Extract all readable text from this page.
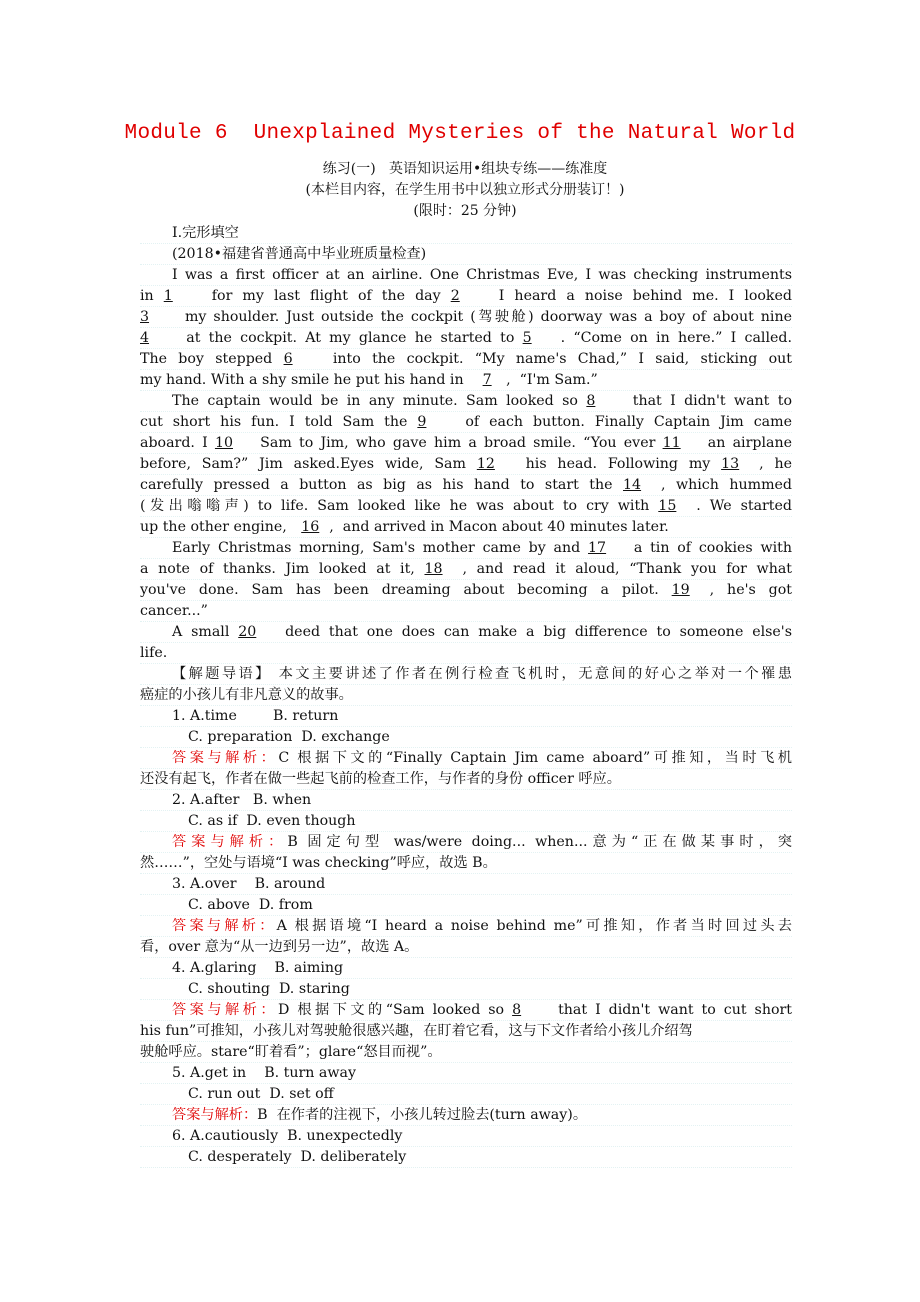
Module 6  Unexplained Mysteries of the Natural World
练习(一)   英语知识运用•组块专练——练准度
(本栏目内容，在学生用书中以独立形式分册装订！)
(限时：25 分钟)
Ⅰ.完形填空
(2018•福建省普通高中毕业班质量检查)
I was a first officer at an airline. One Christmas Eve, I was checking instruments
in 1 for my last flight of the day 2 I heard a noise behind me. I looked
3 my shoulder. Just outside the cockpit (驾驶舱) doorway was a boy of about nine
4 at the cockpit. At my glance he started to 5 . “Come on in here.” I called.
The boy stepped 6 into the cockpit. “My name's Chad,” I said, sticking out
my hand. With a shy smile he put his hand in 7 ,  “I'm Sam.”
The captain would be in any minute. Sam looked so 8 that I didn't want to
cut short his fun. I told Sam the 9 of each button. Finally Captain Jim came
aboard. I 10 Sam to Jim, who gave him a broad smile. “You ever 11 an airplane
before, Sam?” Jim asked.Eyes wide, Sam 12 his head. Following my 13 , he
carefully pressed a button as big as his hand to start the 14 , which hummed
(发出嗡嗡声) to life. Sam looked like he was about to cry with 15 . We started
up the other engine, 16 ,  and arrived in Macon about 40 minutes later.
Early Christmas morning, Sam's mother came by and 17 a tin of cookies with
a note of thanks. Jim looked at it, 18 , and read it aloud, “Thank you for what
you've done. Sam has been dreaming about becoming a pilot. 19 , he's got
cancer...”
A small 20 deed that one does can make a big difference to someone else's
life.
【解题导语】 本文主要讲述了作者在例行检查飞机时，无意间的好心之举对一个罹患
癌症的小孩儿有非凡意义的故事。
1. A.time        B. return
C. preparation  D. exchange
答案与解析：C 根据下文的“Finally Captain Jim came aboard”可推知，当时飞机
还没有起飞，作者在做一些起飞前的检查工作，与作者的身份 officer 呼应。
2. A.after   B. when
C. as if  D. even though
答案与解析：B 固定句型 was/were doing... when...意为“正在做某事时，突
然……”，空处与语境“I was checking”呼应，故选 B。
3. A.over    B. around
C. above  D. from
答案与解析：A 根据语境“I heard a noise behind me”可推知，作者当时回过头去
看，over 意为“从一边到另一边”，故选 A。
4. A.glaring    B. aiming
C. shouting  D. staring
答案与解析：D 根据下文的“Sam looked so 8 that I didn't want to cut short
his fun”可推知，小孩儿对驾驶舱很感兴趣，在盯着它看，这与下文作者给小孩儿介绍驾
驶舱呼应。stare“盯着看”；glare“怒目而视”。
5. A.get in    B. turn away
C. run out  D. set off
答案与解析：B  在作者的注视下，小孩儿转过脸去(turn away)。
6. A.cautiously  B. unexpectedly
C. desperately  D. deliberately
